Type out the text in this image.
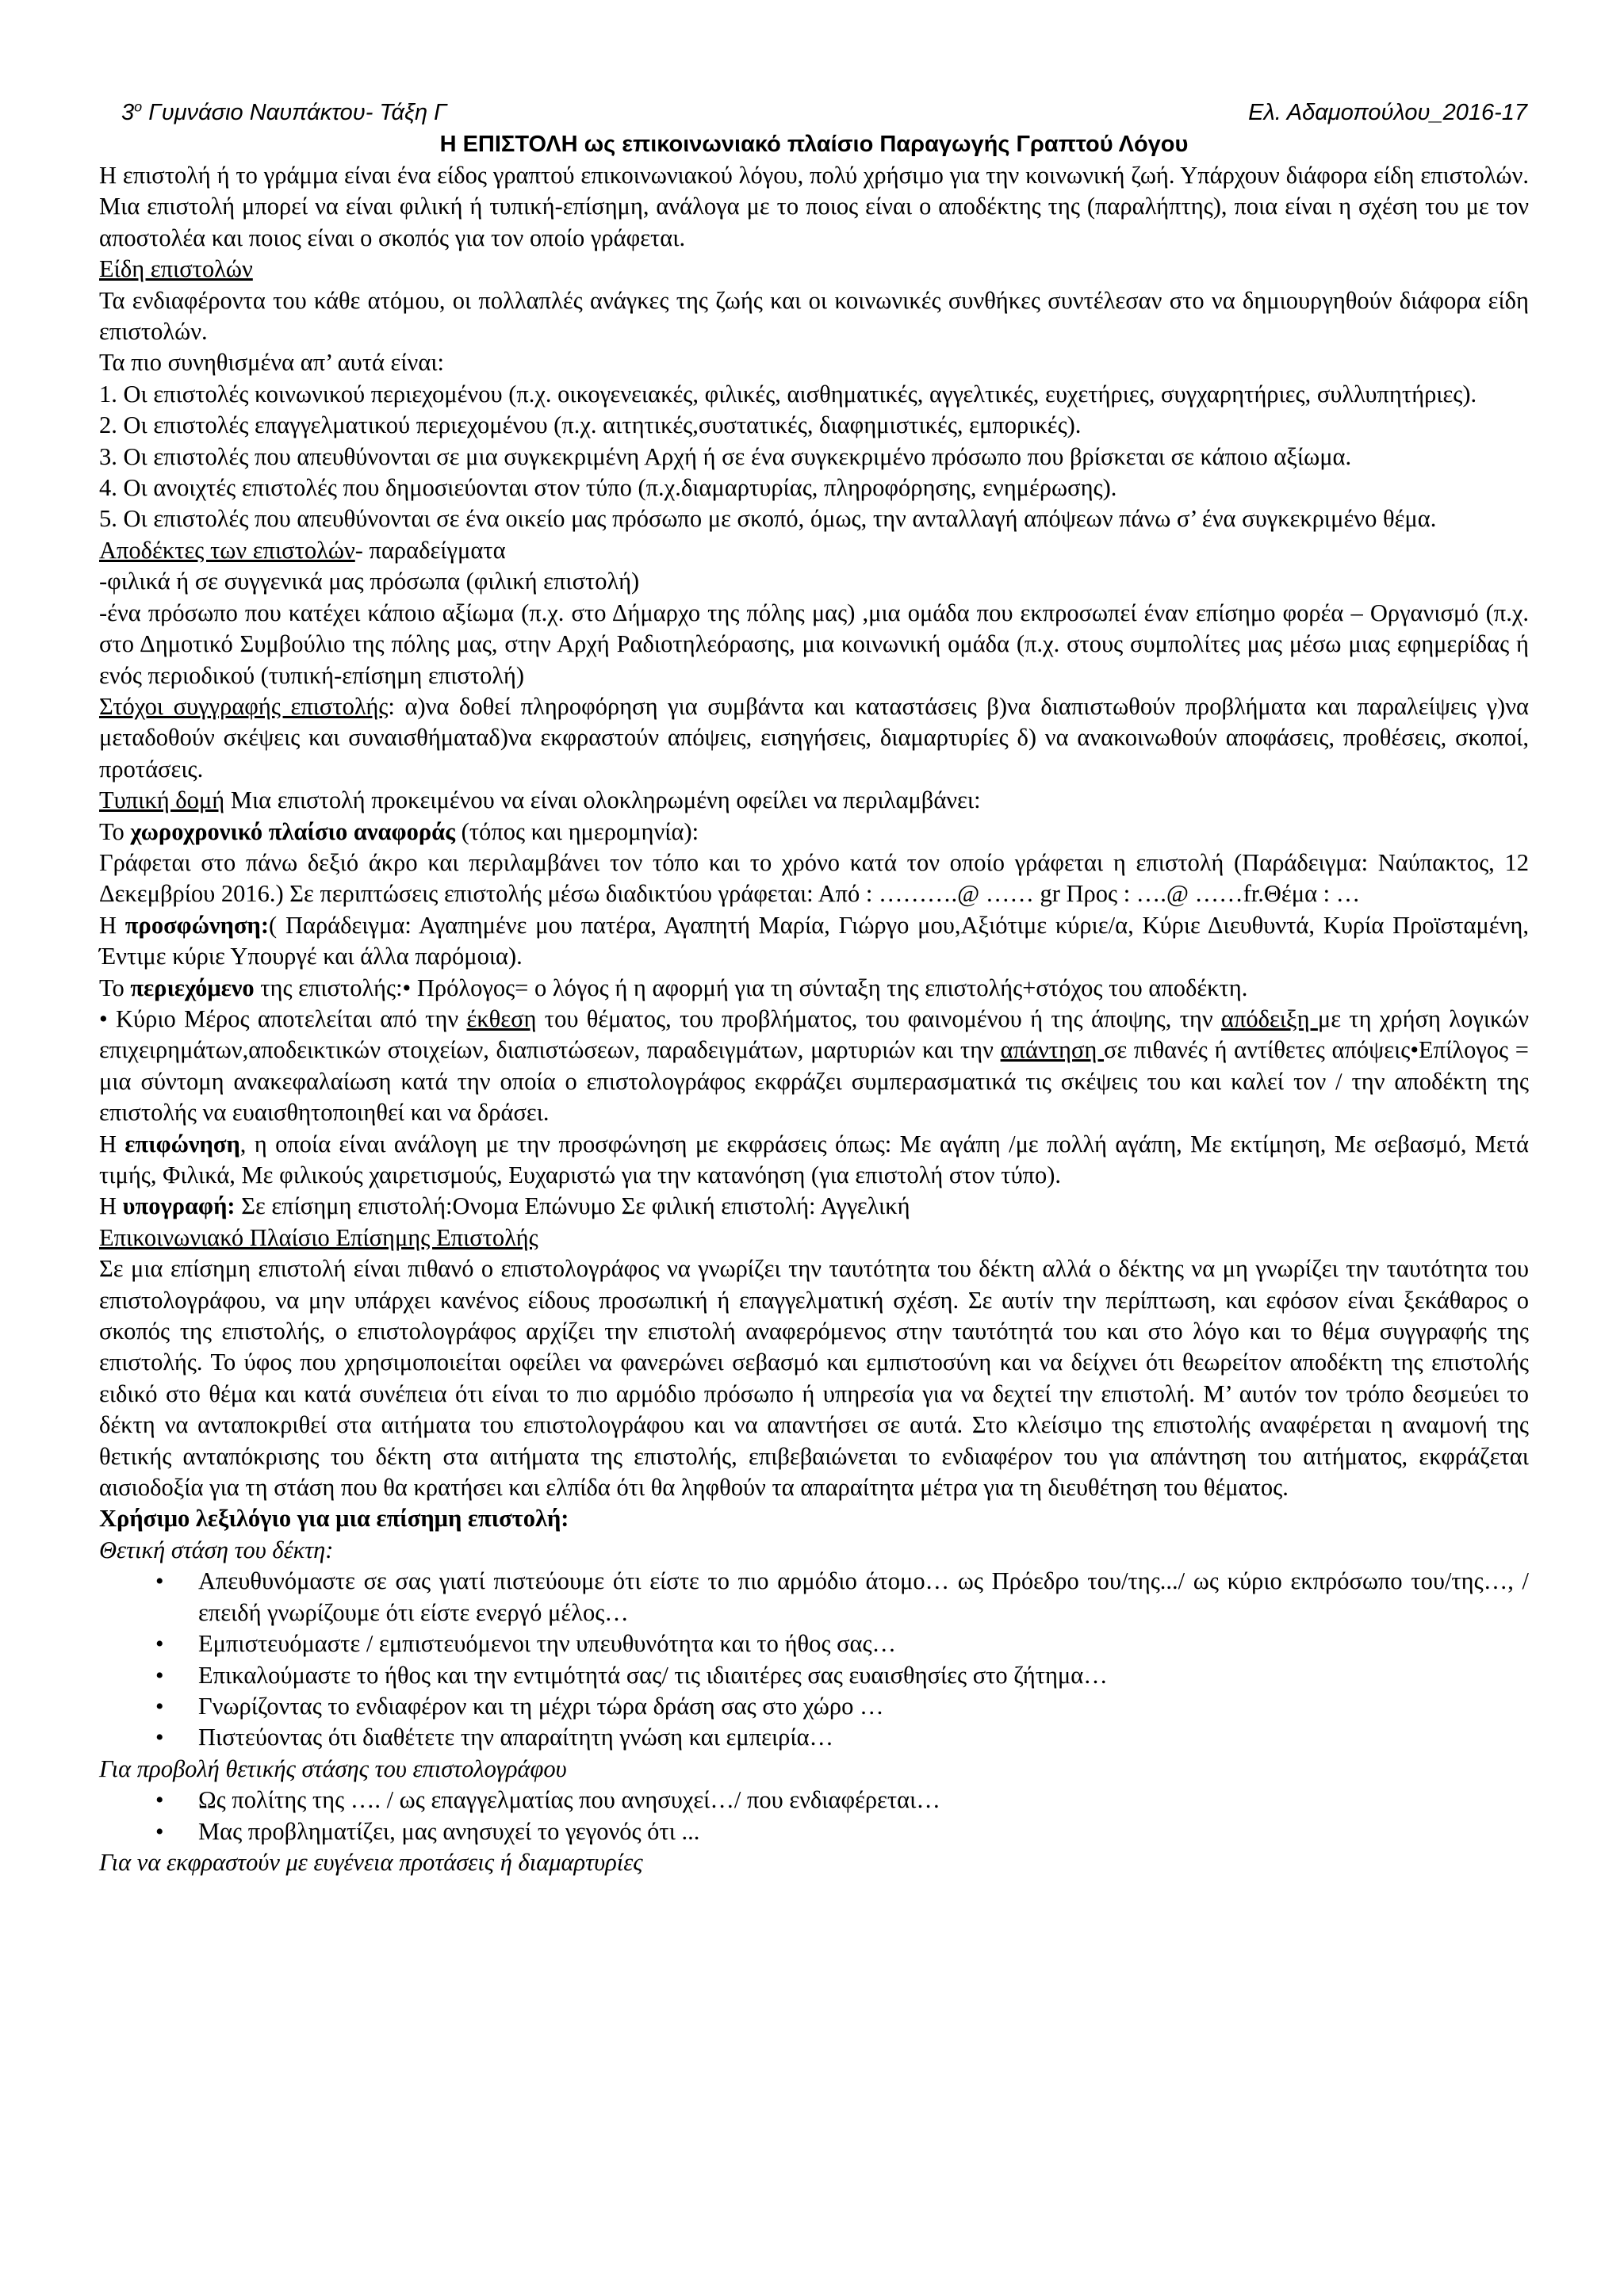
$3^o$ Γυμνάσιο Ναυπάκτου- Τάξη Γ	Ελ. Αδαμοπούλου_2016-17
Η ΕΠΙΣΤΟΛΗ ως επικοινωνιακό πλαίσιο Παραγωγής Γραπτού Λόγου

Η επιστολή ή το γράμμα είναι ένα είδος γραπτού επικοινωνιακού λόγου, πολύ χρήσιμο για την κοινωνική ζωή. Υπάρχουν διάφορα είδη επιστολών. Μια επιστολή μπορεί να είναι φιλική ή τυπική-επίσημη, ανάλογα με το ποιος είναι ο αποδέκτης της (παραλήπτης), ποια είναι η σχέση του με τον αποστολέα και ποιος είναι ο σκοπός για τον οποίο γράφεται.

Είδη επιστολών

Τα ενδιαφέροντα του κάθε ατόμου, οι πολλαπλές ανάγκες της ζωής και οι κοινωνικές συνθήκες συντέλεσαν στο να δημιουργηθούν διάφορα είδη επιστολών.

Τα πιο συνηθισμένα απ’ αυτά είναι:

1. Οι επιστολές κοινωνικού περιεχομένου (π.χ. οικογενειακές, φιλικές, αισθηματικές, αγγελτικές, ευχετήριες, συγχαρητήριες, συλλυπητήριες).

2. Οι επιστολές επαγγελματικού περιεχομένου (π.χ. αιτητικές,συστατικές, διαφημιστικές, εμπορικές).

3. Οι επιστολές που απευθύνονται σε μια συγκεκριμένη Αρχή ή σε ένα συγκεκριμένο πρόσωπο που βρίσκεται σε κάποιο αξίωμα.

4. Οι ανοιχτές επιστολές που δημοσιεύονται στον τύπο (π.χ.διαμαρτυρίας, πληροφόρησης, ενημέρωσης).

5. Οι επιστολές που απευθύνονται σε ένα οικείο μας πρόσωπο με σκοπό, όμως, την ανταλλαγή απόψεων πάνω σ’ ένα συγκεκριμένο θέμα.

Αποδέκτες των επιστολών- παραδείγματα

-φιλικά ή σε συγγενικά μας πρόσωπα (φιλική επιστολή)

-ένα πρόσωπο που κατέχει κάποιο αξίωμα (π.χ. στο Δήμαρχο της πόλης μας) ,μια ομάδα που εκπροσωπεί έναν επίσημο φορέα – Οργανισμό (π.χ. στο Δημοτικό Συμβούλιο της πόλης μας, στην Αρχή Ραδιοτηλεόρασης, μια κοινωνική ομάδα (π.χ. στους συμπολίτες μας μέσω μιας εφημερίδας ή ενός περιοδικού (τυπική-επίσημη επιστολή)

Στόχοι συγγραφής επιστολής: α)να δοθεί πληροφόρηση για συμβάντα και καταστάσεις β)να διαπιστωθούν προβλήματα και παραλείψεις γ)να μεταδοθούν σκέψεις και συναισθήματαδ)να εκφραστούν απόψεις, εισηγήσεις, διαμαρτυρίες δ) να ανακοινωθούν αποφάσεις, προθέσεις, σκοποί, προτάσεις.

Τυπική δομή Μια επιστολή προκειμένου να είναι ολοκληρωμένη οφείλει να περιλαμβάνει:

Το χωροχρονικό πλαίσιο αναφοράς (τόπος και ημερομηνία):

Γράφεται στο πάνω δεξιό άκρο και περιλαμβάνει τον τόπο και το χρόνο κατά τον οποίο γράφεται η επιστολή (Παράδειγμα: Ναύπακτος, 12 Δεκεμβρίου 2016.) Σε περιπτώσεις επιστολής μέσω διαδικτύου γράφεται: Από : ……….@ …… gr Προς : ….@ ……fr.Θέμα : …

Η προσφώνηση:( Παράδειγμα: Αγαπημένε μου πατέρα, Αγαπητή Μαρία, Γιώργο μου,Αξιότιμε κύριε/α, Κύριε Διευθυντά, Κυρία Προϊσταμένη, Έντιμε κύριε Υπουργέ και άλλα παρόμοια).

Το περιεχόμενο της επιστολής:• Πρόλογος= ο λόγος ή η αφορμή για τη σύνταξη της επιστολής+στόχος του αποδέκτη.

• Κύριο Μέρος αποτελείται από την έκθεση του θέματος, του προβλήματος, του φαινομένου ή της άποψης, την απόδειξη με τη χρήση λογικών επιχειρημάτων,αποδεικτικών στοιχείων, διαπιστώσεων, παραδειγμάτων, μαρτυριών και την απάντηση σε πιθανές ή αντίθετες απόψεις•Επίλογος = μια σύντομη ανακεφαλαίωση κατά την οποία ο επιστολογράφος εκφράζει συμπερασματικά τις σκέψεις του και καλεί τον / την αποδέκτη της επιστολής να ευαισθητοποιηθεί και να δράσει.

Η επιφώνηση, η οποία είναι ανάλογη με την προσφώνηση με εκφράσεις όπως: Με αγάπη /με πολλή αγάπη, Με εκτίμηση, Με σεβασμό, Μετά τιμής, Φιλικά, Με φιλικούς χαιρετισμούς, Ευχαριστώ για την κατανόηση (για επιστολή στον τύπο).

Η υπογραφή: Σε επίσημη επιστολή:Ονομα Επώνυμο Σε φιλική επιστολή: Αγγελική

Επικοινωνιακό Πλαίσιο Επίσημης Επιστολής

Σε μια επίσημη επιστολή είναι πιθανό ο επιστολογράφος να γνωρίζει την ταυτότητα του δέκτη αλλά ο δέκτης να μη γνωρίζει την ταυτότητα του επιστολογράφου, να μην υπάρχει κανένος είδους προσωπική ή επαγγελματική σχέση. Σε αυτίν την περίπτωση, και εφόσον είναι ξεκάθαρος ο σκοπός της επιστολής, ο επιστολογράφος αρχίζει την επιστολή αναφερόμενος στην ταυτότητά του και στο λόγο και το θέμα συγγραφής της επιστολής. Το ύφος που χρησιμοποιείται οφείλει να φανερώνει σεβασμό και εμπιστοσύνη και να δείχνει ότι θεωρείτον αποδέκτη της επιστολής ειδικό στο θέμα και κατά συνέπεια ότι είναι το πιο αρμόδιο πρόσωπο ή υπηρεσία για να δεχτεί την επιστολή. Μ’ αυτόν τον τρόπο δεσμεύει το δέκτη να ανταποκριθεί στα αιτήματα του επιστολογράφου και να απαντήσει σε αυτά. Στο κλείσιμο της επιστολής αναφέρεται η αναμονή της θετικής ανταπόκρισης του δέκτη στα αιτήματα της επιστολής, επιβεβαιώνεται το ενδιαφέρον του για απάντηση του αιτήματος, εκφράζεται αισιοδοξία για τη στάση που θα κρατήσει και ελπίδα ότι θα ληφθούν τα απαραίτητα μέτρα για τη διευθέτηση του θέματος.

Χρήσιμο λεξιλόγιο για μια επίσημη επιστολή:

Θετική στάση του δέκτη:

• Απευθυνόμαστε σε σας γιατί πιστεύουμε ότι είστε το πιο αρμόδιο άτομο… ως Πρόεδρο του/της.../ ως κύριο εκπρόσωπο του/της…, / επειδή γνωρίζουμε ότι είστε ενεργό μέλος…
• Εμπιστευόμαστε / εμπιστευόμενοι την υπευθυνότητα και το ήθος σας…
• Επικαλούμαστε το ήθος και την εντιμότητά σας/ τις ιδιαιτέρες σας ευαισθησίες στο ζήτημα…
• Γνωρίζοντας το ενδιαφέρον και τη μέχρι τώρα δράση σας στο χώρο …
• Πιστεύοντας ότι διαθέτετε την απαραίτητη γνώση και εμπειρία…

Για προβολή θετικής στάσης του επιστολογράφου

• Ως πολίτης της …. / ως επαγγελματίας που ανησυχεί…/ που ενδιαφέρεται…
• Μας προβληματίζει, μας ανησυχεί το γεγονός ότι ...

Για να εκφραστούν με ευγένεια προτάσεις ή διαμαρτυρίες
